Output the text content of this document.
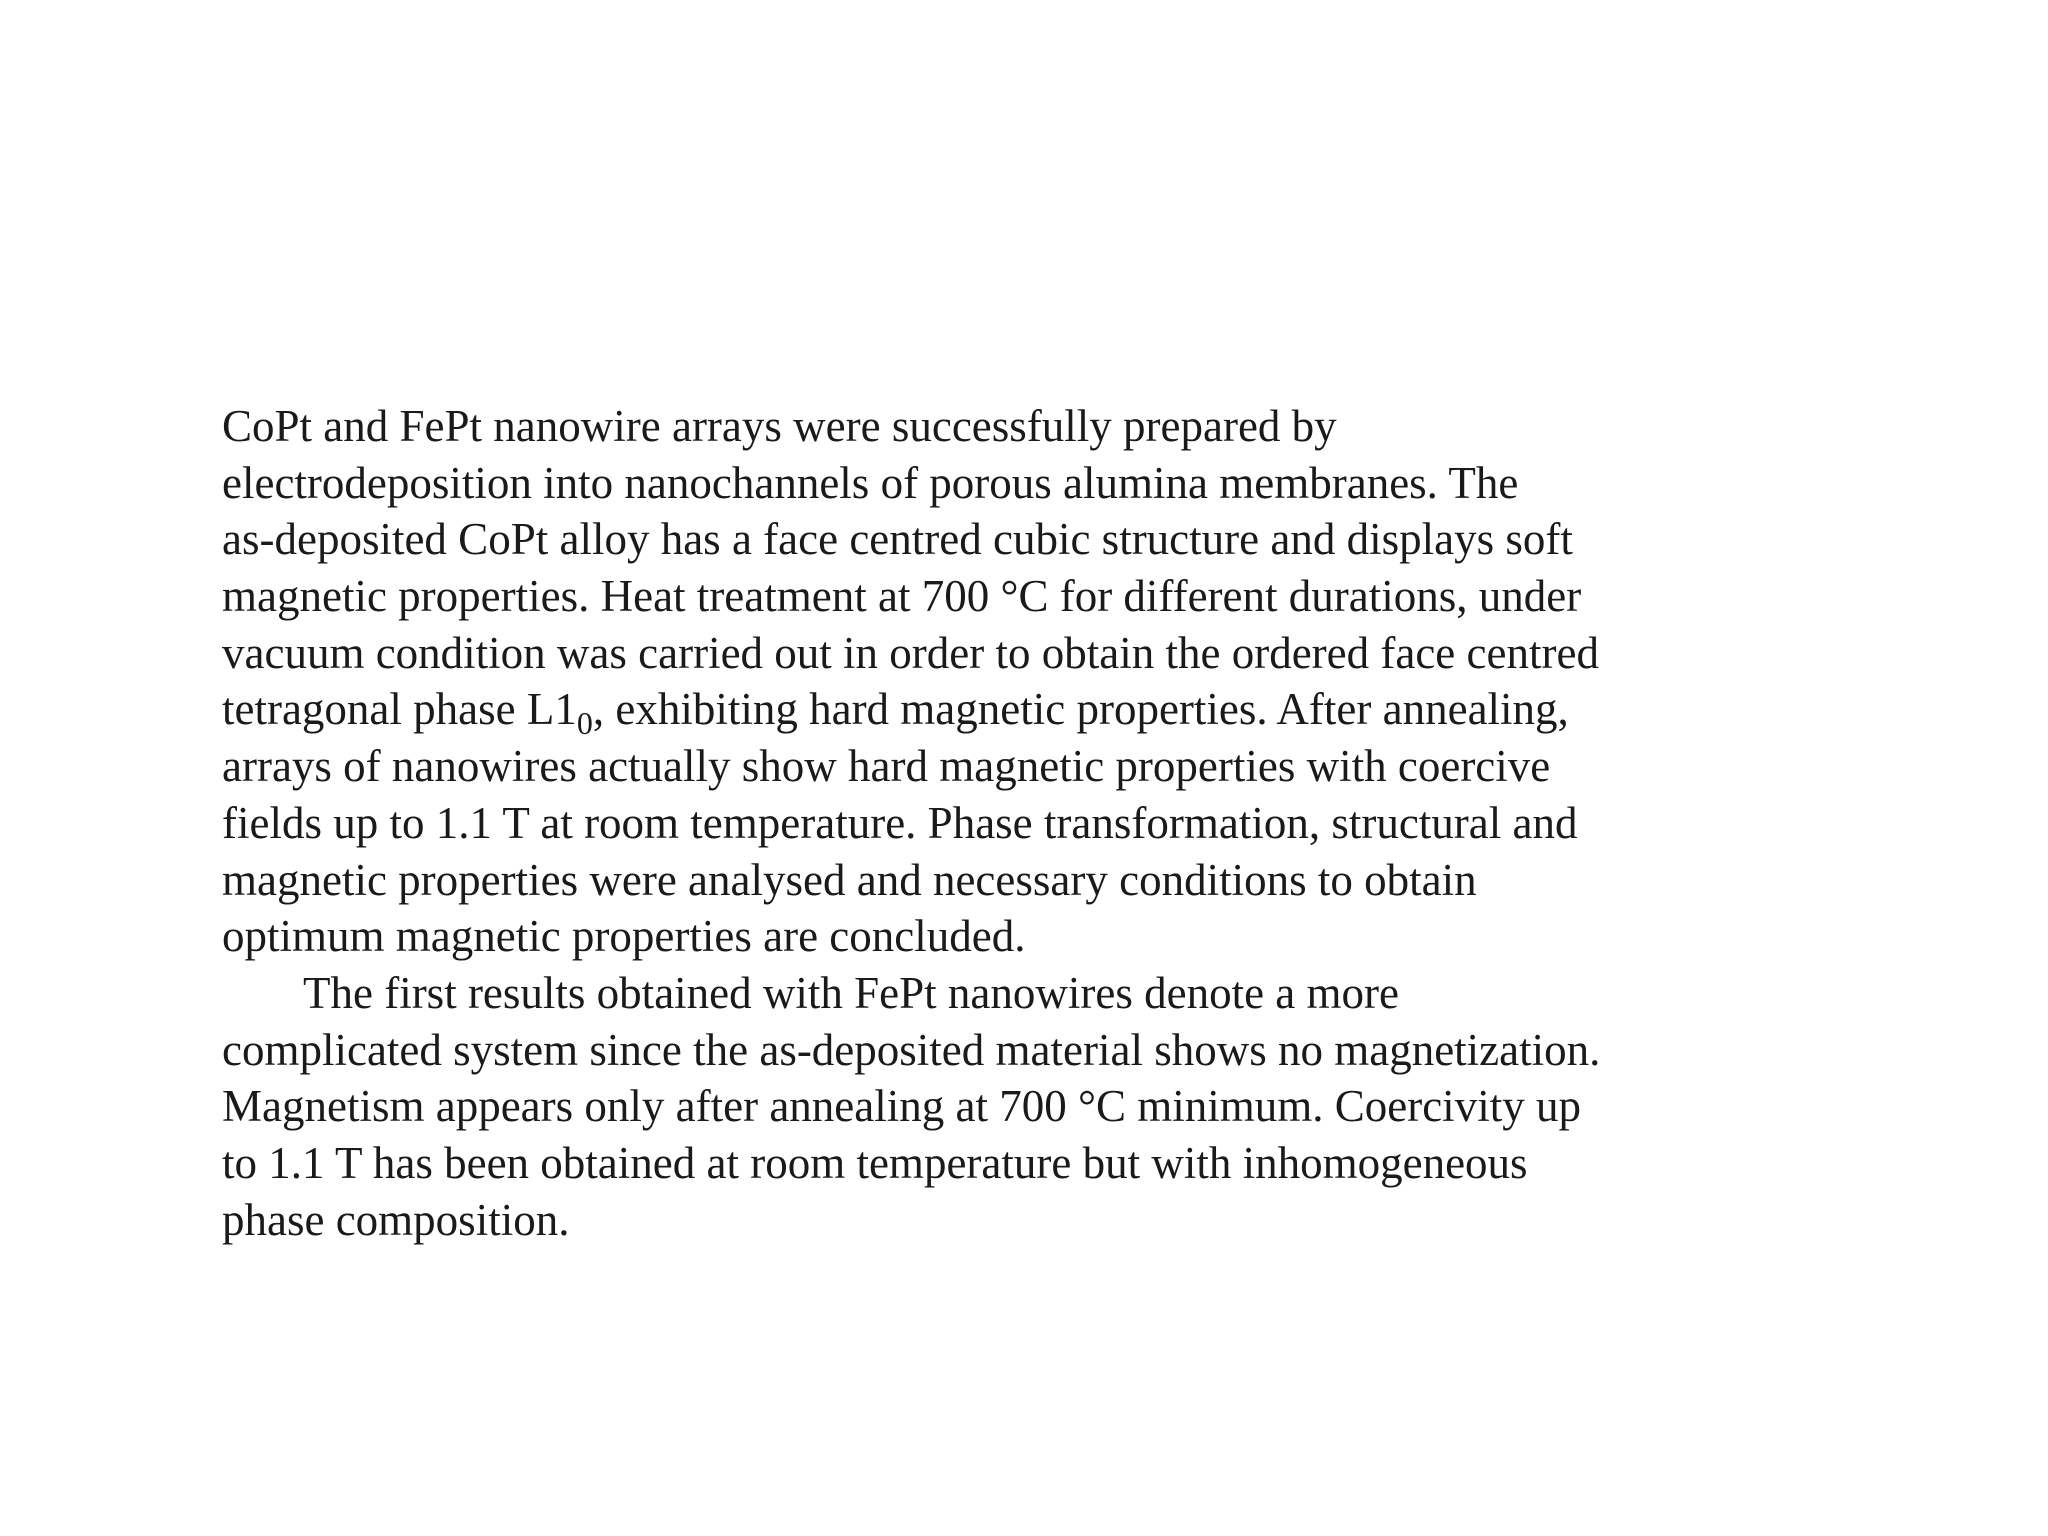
CoPt and FePt nanowire arrays were successfully prepared by
electrodeposition into nanochannels of porous alumina membranes. The
as-deposited CoPt alloy has a face centred cubic structure and displays soft
magnetic properties. Heat treatment at 700 °C for different durations, under
vacuum condition was carried out in order to obtain the ordered face centred
tetragonal phase $L1_0$, exhibiting hard magnetic properties. After annealing,
arrays of nanowires actually show hard magnetic properties with coercive
fields up to 1.1 T at room temperature. Phase transformation, structural and
magnetic properties were analysed and necessary conditions to obtain
optimum magnetic properties are concluded.
The first results obtained with FePt nanowires denote a more
complicated system since the as-deposited material shows no magnetization.
Magnetism appears only after annealing at 700 °C minimum. Coercivity up
to 1.1 T has been obtained at room temperature but with inhomogeneous
phase composition.
